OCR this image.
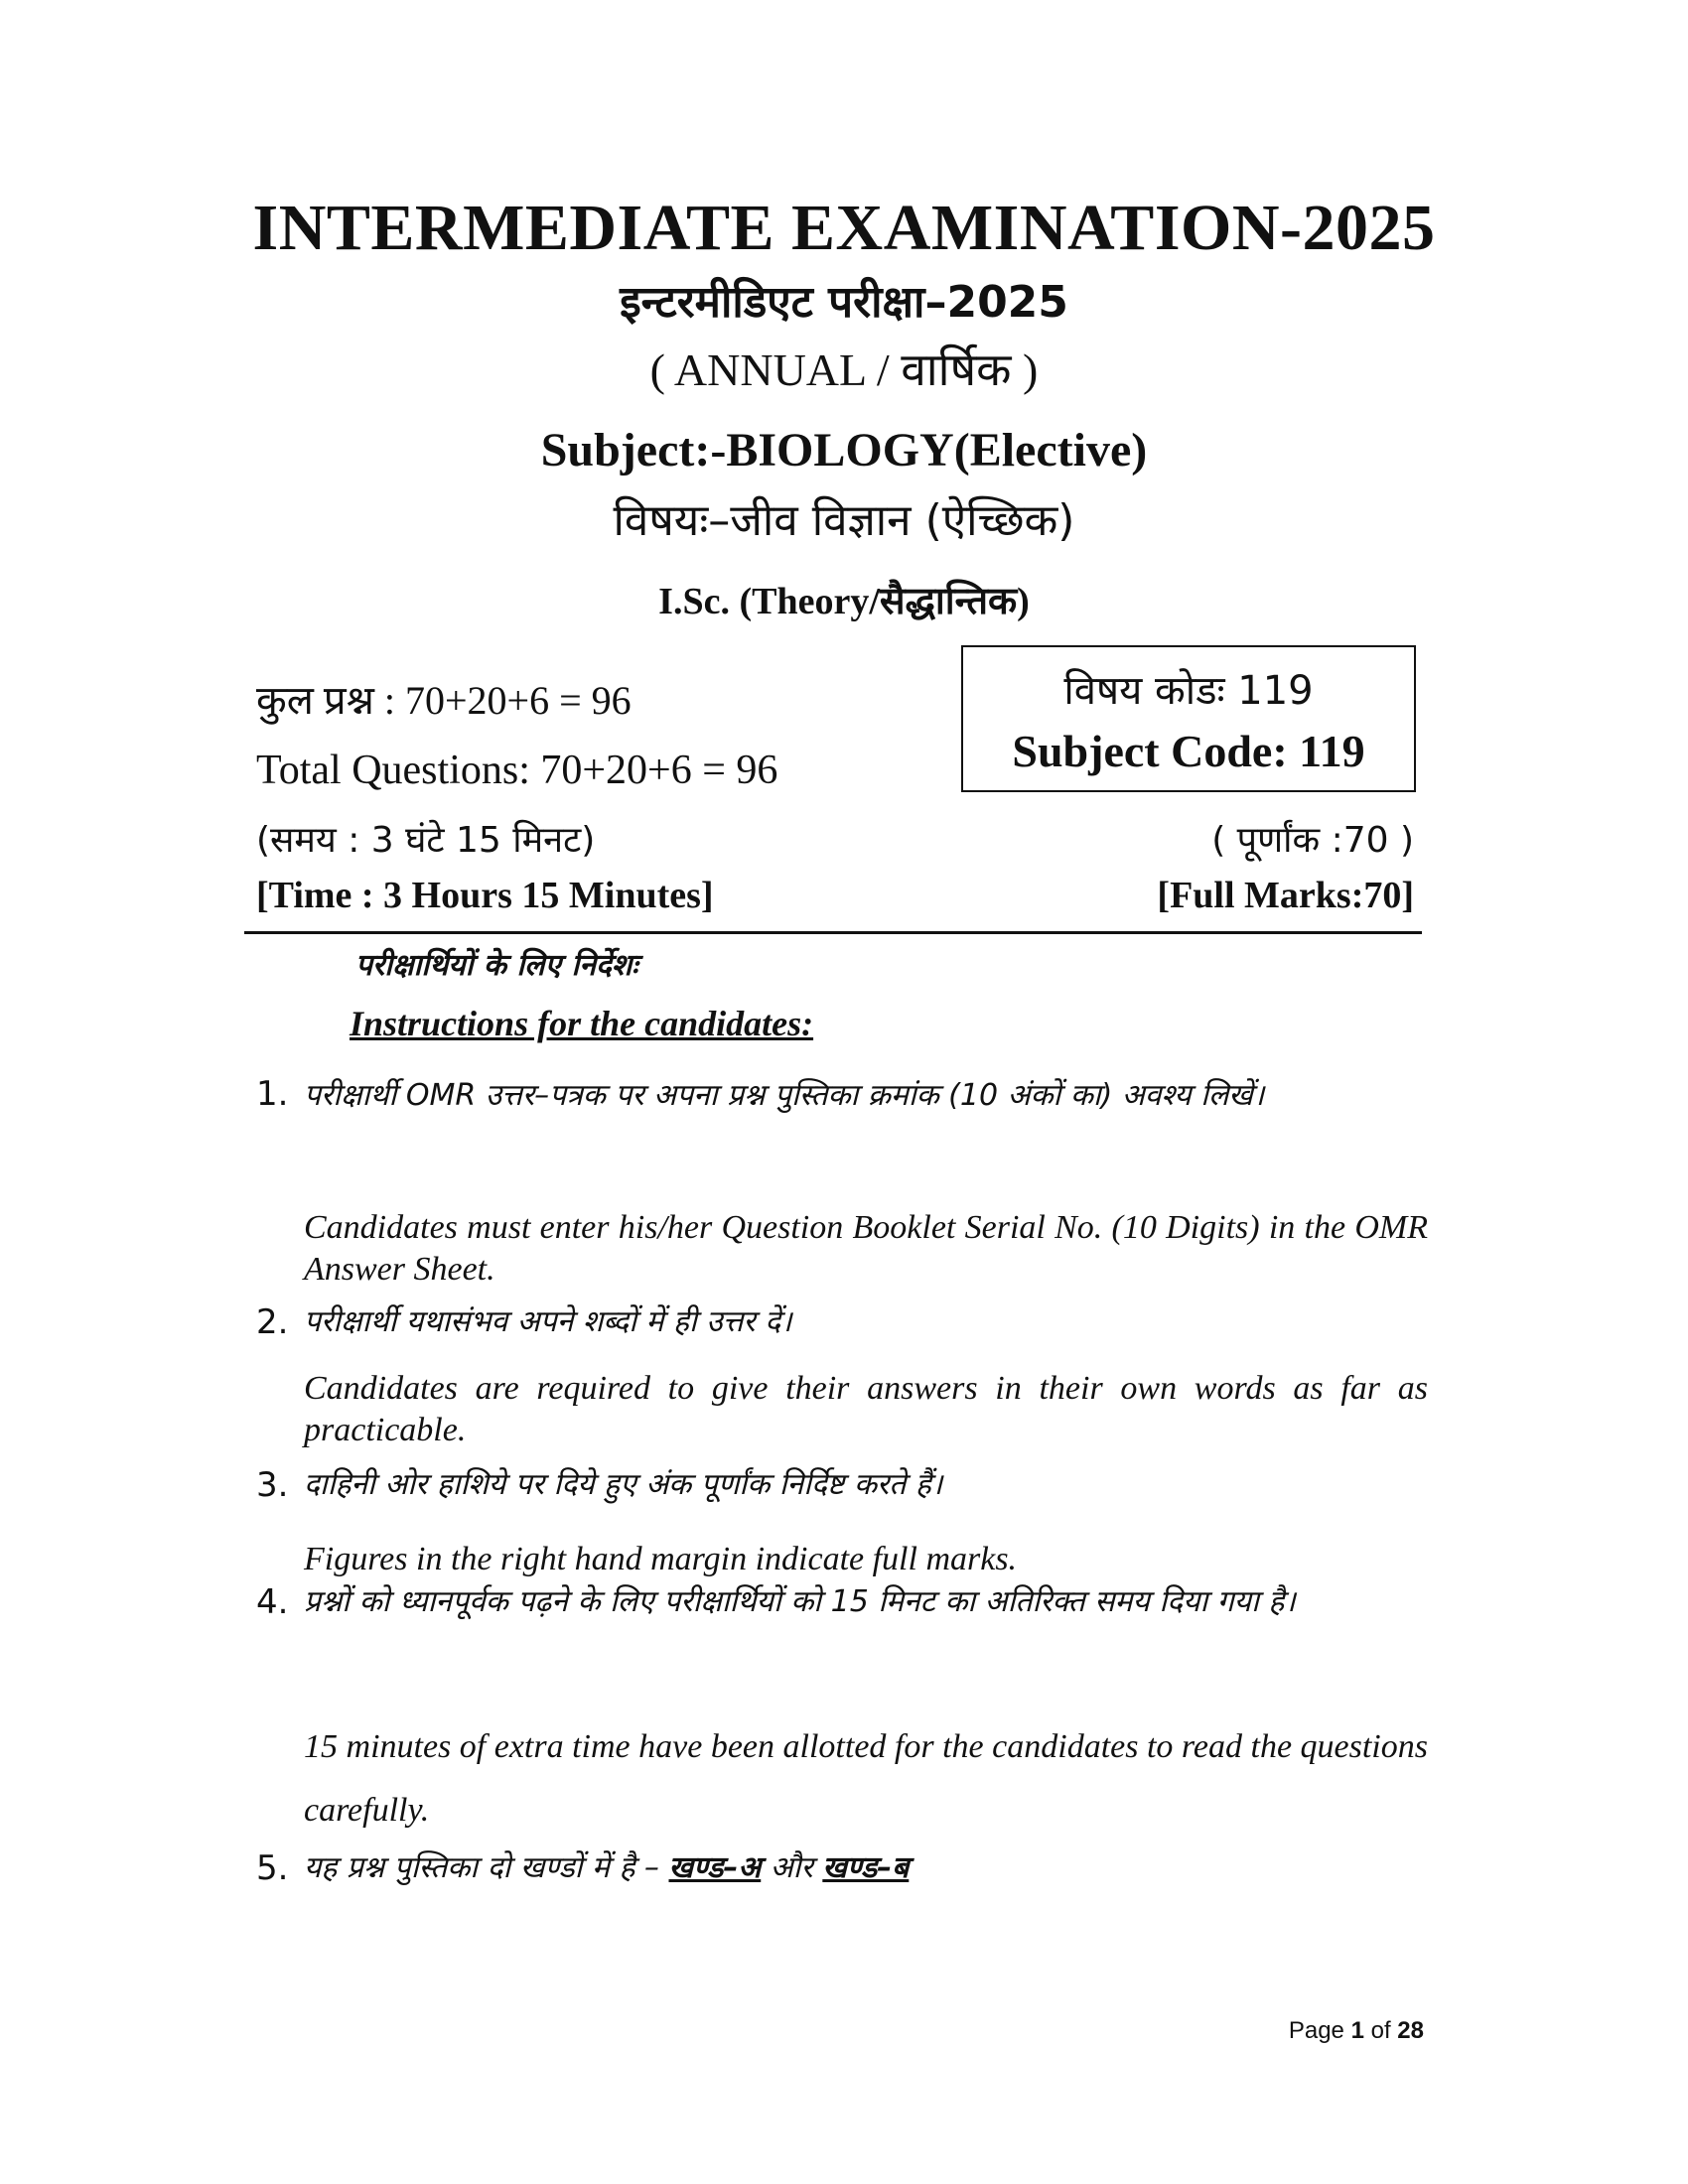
INTERMEDIATE EXAMINATION-2025
इन्टरमीडिएट परीक्षा–2025
( ANNUAL / वार्षिक )
Subject:-BIOLOGY(Elective)
विषयः–जीव विज्ञान (ऐच्छिक)
I.Sc. (Theory/सैद्धान्तिक)
कुल प्रश्न : 70+20+6 = 96
Total Questions: 70+20+6 = 96
(समय : 3 घंटे 15 मिनट)
[Time : 3 Hours 15 Minutes]
विषय कोडः 119
Subject Code: 119
( पूर्णांक :70 )
[Full Marks:70]
परीक्षार्थियों के लिए निर्देशः
Instructions for the candidates:
1. परीक्षार्थी OMR उत्तर–पत्रक पर अपना प्रश्न पुस्तिका क्रमांक (10 अंकों का) अवश्य लिखें।
Candidates must enter his/her Question Booklet Serial No. (10 Digits) in the OMR Answer Sheet.
2. परीक्षार्थी यथासंभव अपने शब्दों में ही उत्तर दें।
Candidates are required to give their answers in their own words as far as practicable.
3. दाहिनी ओर हाशिये पर दिये हुए अंक पूर्णांक निर्दिष्ट करते हैं।
Figures in the right hand margin indicate full marks.
4. प्रश्नों को ध्यानपूर्वक पढ़ने के लिए परीक्षार्थियों को 15 मिनट का अतिरिक्त समय दिया गया है।
15 minutes of extra time have been allotted for the candidates to read the questions carefully.
5. यह प्रश्न पुस्तिका दो खण्डों में है – खण्ड–अ और खण्ड–ब
Page 1 of 28
